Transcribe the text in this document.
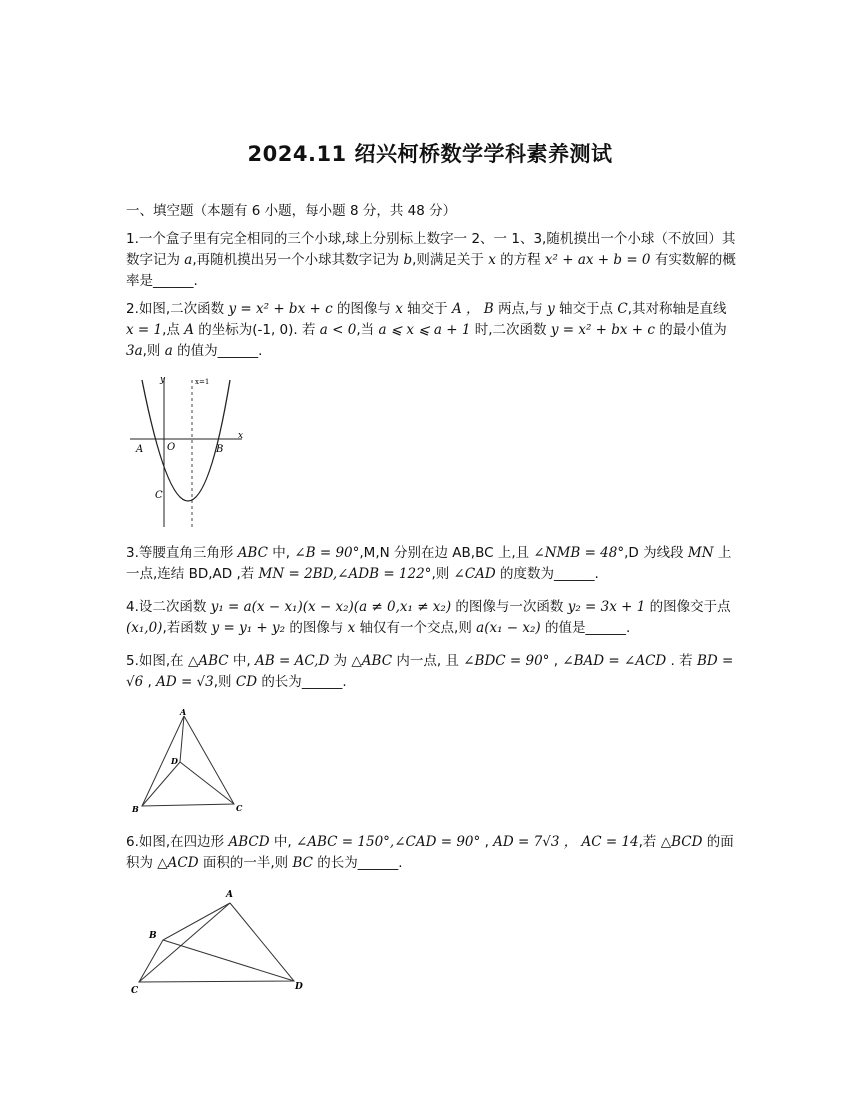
2024.11 绍兴柯桥数学学科素养测试
一、填空题（本题有 6 小题，每小题 8 分，共 48 分）

1.一个盒子里有完全相同的三个小球,球上分别标上数字一 2、一 1、3,随机摸出一个小球（不放回）其数字记为 a,再随机摸出另一个小球其数字记为 b,则满足关于 x 的方程 x² + ax + b = 0 有实数解的概率是______.

2.如图,二次函数 y = x² + bx + c 的图像与 x 轴交于 A ， B 两点,与 y 轴交于点 C,其对称轴是直线 x = 1,点 A 的坐标为(-1, 0). 若 a < 0,当 a ⩽ x ⩽ a + 1 时,二次函数 y = x² + bx + c 的最小值为 3a,则 a 的值为______.

y
x
x=1
A O	B
C

3.等腰直角三角形 ABC 中, ∠B = 90°,M,N 分别在边 AB,BC 上,且 ∠NMB = 48°,D 为线段 MN 上一点,连结 BD,AD ,若 MN = 2BD,∠ADB = 122°,则 ∠CAD 的度数为______.

4.设二次函数 y₁ = a(x − x₁)(x − x₂)(a ≠ 0,x₁ ≠ x₂) 的图像与一次函数 y₂ = 3x + 1 的图像交于点 (x₁,0),若函数 y = y₁ + y₂ 的图像与 x 轴仅有一个交点,则 a(x₁ − x₂) 的值是______.

5.如图,在 △ABC 中, AB = AC,D 为 △ABC 内一点, 且 ∠BDC = 90° , ∠BAD = ∠ACD . 若 BD = √6 , AD = √3,则 CD 的长为______.

A
D
B	C

6.如图,在四边形 ABCD 中, ∠ABC = 150°,∠CAD = 90° , AD = 7√3 ， AC = 14,若 △BCD 的面积为 △ACD 面积的一半,则 BC 的长为______.

A
B
C	D
